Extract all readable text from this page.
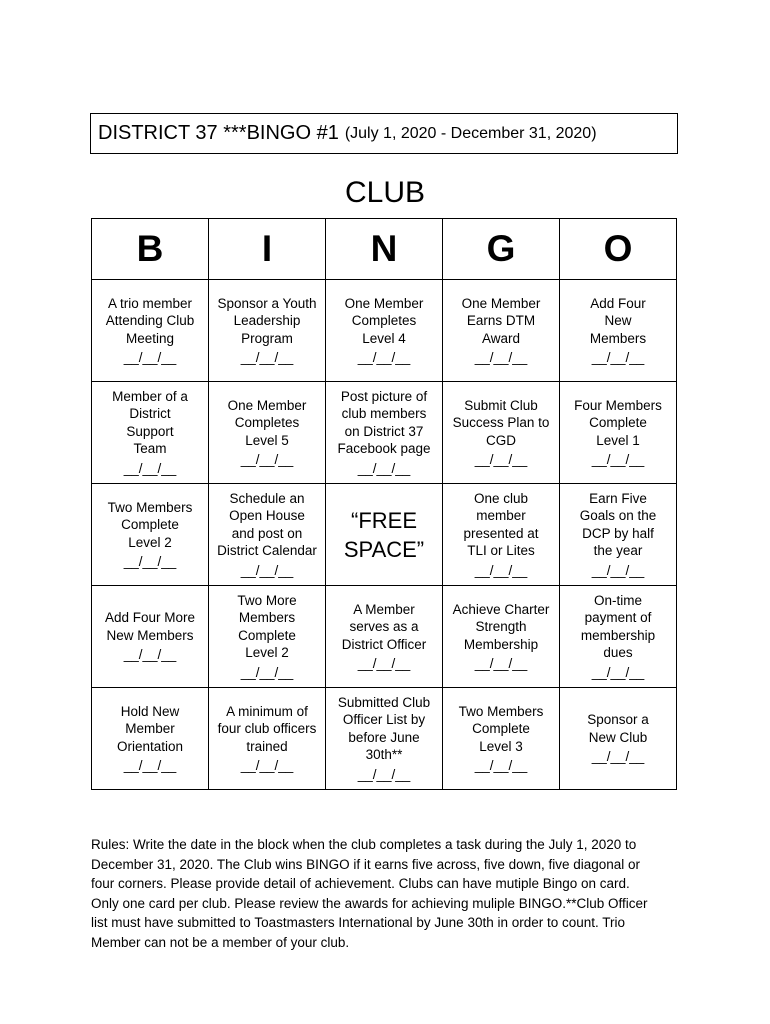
DISTRICT 37 ***BINGO #1 (July 1, 2020 - December 31, 2020)
CLUB
B	I	N	G	O

A trio member
Attending Club
Meeting
__/__/__	Sponsor a Youth
Leadership
Program
__/__/__	One Member
Completes
Level 4
__/__/__	One Member
Earns DTM
Award
__/__/__	Add Four
New
Members
__/__/__

Member of a
District
Support
Team
__/__/__	One Member
Completes
Level 5
__/__/__	Post picture of
club members
on District 37
Facebook page
__/__/__	Submit Club
Success Plan to
CGD
__/__/__	Four Members
Complete
Level 1
__/__/__

Two Members
Complete
Level 2
__/__/__	Schedule an
Open House
and post on
District Calendar
__/__/__	“FREE
SPACE”	One club
member
presented at
TLI or Lites
__/__/__	Earn Five
Goals on the
DCP by half
the year
__/__/__

Add Four More
New Members
__/__/__	Two More
Members
Complete
Level 2
__/__/__	A Member
serves as a
District Officer
__/__/__	Achieve Charter
Strength
Membership
__/__/__	On-time
payment of
membership
dues
__/__/__

Hold New
Member
Orientation
__/__/__	A minimum of
four club officers
trained
__/__/__	Submitted Club
Officer List by
before June
30th**
__/__/__	Two Members
Complete
Level 3
__/__/__	Sponsor a
New Club
__/__/__
Rules: Write the date in the block when the club completes a task during the July 1, 2020 to
December 31, 2020. The Club wins BINGO if it earns five across, five down, five diagonal or
four corners. Please provide detail of achievement. Clubs can have mutiple Bingo on card.
Only one card per club. Please review the awards for achieving muliple BINGO.**Club Officer
list must have submitted to Toastmasters International by June 30th in order to count. Trio
Member can not be a member of your club.
